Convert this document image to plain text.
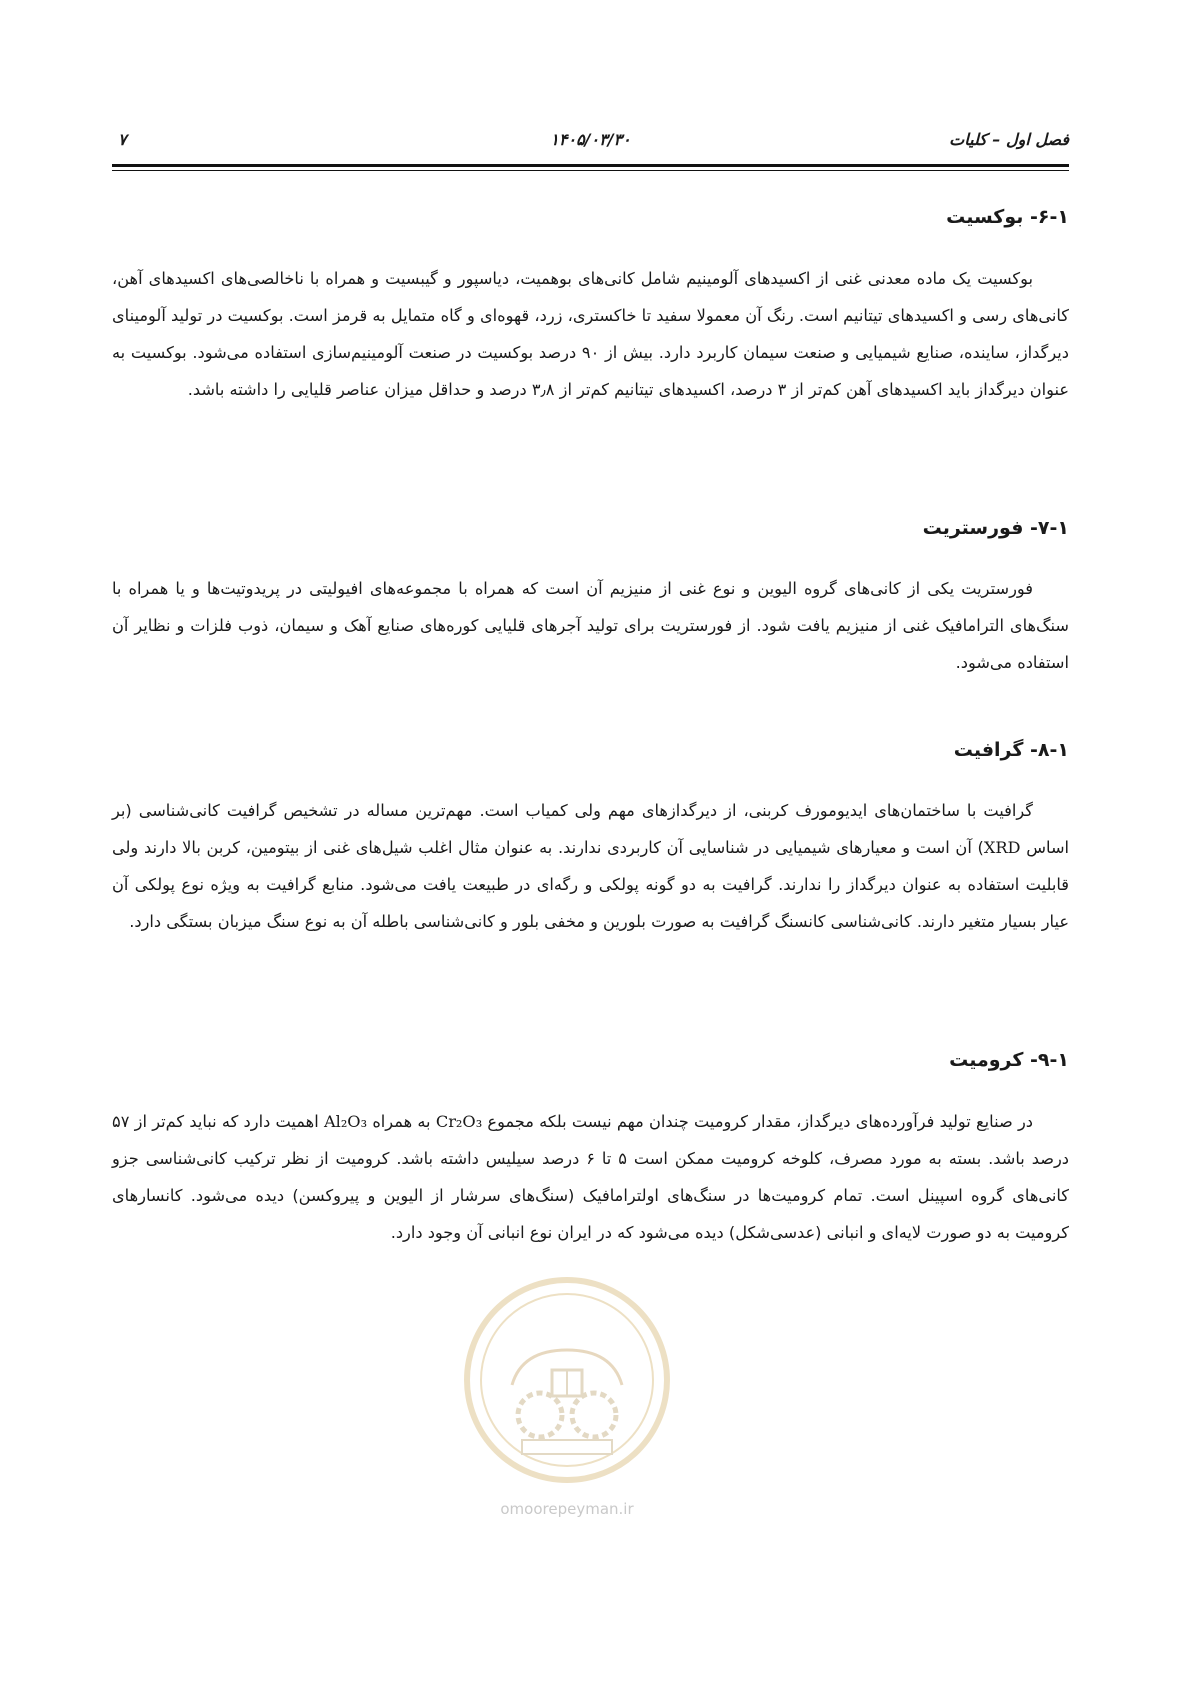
فصل اول – کلیات
۱۴۰۵/۰۳/۳۰
۷
۶-۱- بوکسیت

بوکسیت یک ماده معدنی غنی از اکسیدهای آلومینیم شامل کانی‌های بوهمیت، دیاسپور و گیبسیت و همراه با ناخالصی‌های اکسیدهای آهن، کانی‌های رسی و اکسیدهای تیتانیم است. رنگ آن معمولا سفید تا خاکستری، زرد، قهوه‌ای و گاه متمایل به قرمز است. بوکسیت در تولید آلومینای دیرگداز، ساینده، صنایع شیمیایی و صنعت سیمان کاربرد دارد. بیش از ۹۰ درصد بوکسیت در صنعت آلومینیم‌سازی استفاده می‌شود. بوکسیت به عنوان دیرگداز باید اکسیدهای آهن کم‌تر از ۳ درصد، اکسیدهای تیتانیم کم‌تر از ۳٫۸ درصد و حداقل میزان عناصر قلیایی را داشته باشد.

۷-۱- فورستریت

فورستریت یکی از کانی‌های گروه الیوین و نوع غنی از منیزیم آن است که همراه با مجموعه‌های افیولیتی در پریدوتیت‌ها و یا همراه با سنگ‌های الترامافیک غنی از منیزیم یافت شود. از فورستریت برای تولید آجرهای قلیایی کوره‌های صنایع آهک و سیمان، ذوب فلزات و نظایر آن استفاده می‌شود.

۸-۱- گرافیت

گرافیت با ساختمان‌های ایدیومورف کربنی، از دیرگدازهای مهم ولی کمیاب است. مهم‌ترین مساله در تشخیص گرافیت کانی‌شناسی (بر اساس XRD) آن است و معیارهای شیمیایی در شناسایی آن کاربردی ندارند. به عنوان مثال اغلب شیل‌های غنی از بیتومین، کربن بالا دارند ولی قابلیت استفاده به عنوان دیرگداز را ندارند. گرافیت به دو گونه پولکی و رگه‌ای در طبیعت یافت می‌شود. منابع گرافیت به ویژه نوع پولکی آن عیار بسیار متغیر دارند. کانی‌شناسی کانسنگ گرافیت به صورت بلورین و مخفی بلور و کانی‌شناسی باطله آن به نوع سنگ میزبان بستگی دارد.

۹-۱- کرومیت

در صنایع تولید فرآورده‌های دیرگداز، مقدار کرومیت چندان مهم نیست بلکه مجموع Cr₂O₃ به همراه Al₂O₃ اهمیت دارد که نباید کم‌تر از ۵۷ درصد باشد. بسته به مورد مصرف، کلوخه کرومیت ممکن است ۵ تا ۶ درصد سیلیس داشته باشد. کرومیت از نظر ترکیب کانی‌شناسی جزو کانی‌های گروه اسپینل است. تمام کرومیت‌ها در سنگ‌های اولترامافیک (سنگ‌های سرشار از الیوین و پیروکسن) دیده می‌شود. کانسارهای کرومیت به دو صورت لایه‌ای و انبانی (عدسی‌شکل) دیده می‌شود که در ایران نوع انبانی آن وجود دارد.

omoorepeyman.ir
